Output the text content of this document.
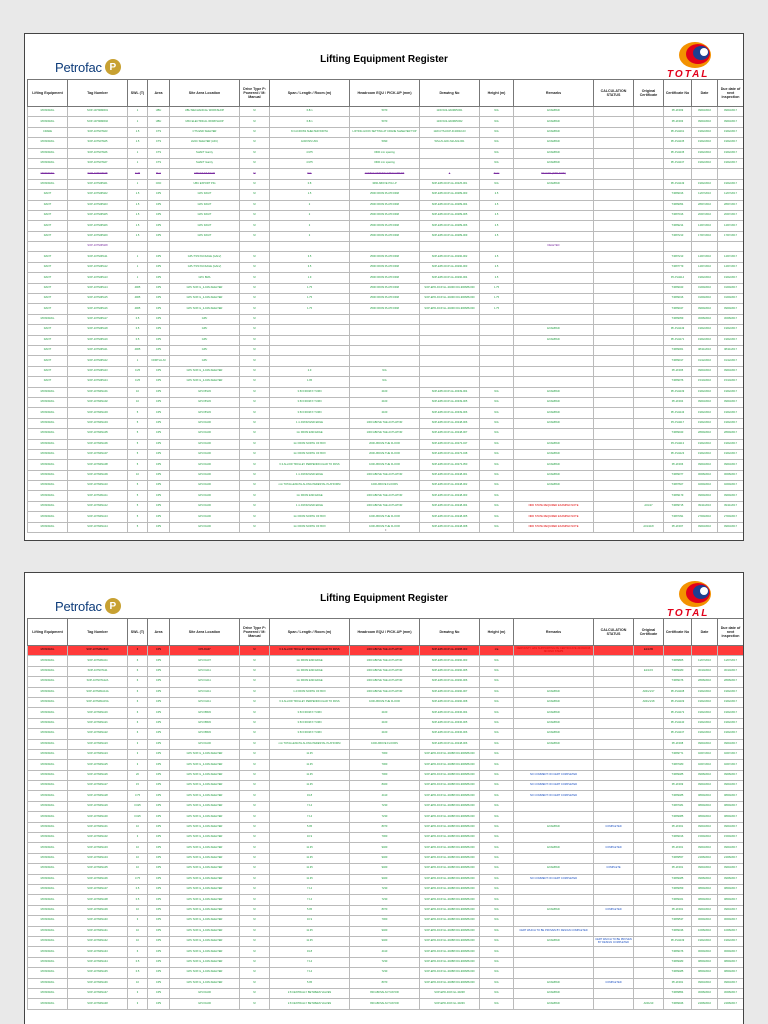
Petrofac P
Lifting Equipment Register
TOTAL
Lifting Equipment	Tag Number	SWL (T)	Area	Site Area Location	Drive Type P: Powered / M: Manual	Span / Length / Room (m)	Headroom EQU / PICK-UP (mm)	Drawing No	Height (m)	Remarks	CALCULATION STATUS	Original Certificate	Certificate No	Date	Due date of next inspection
MONORAIL	SOP-107N0MR01	1	UBU	UBU MECHANICAL WORKSHOP	M	6.8m	5070	11W-5U2-3A0RRV001	N/A	EXAMPAD			PF-2F309	09/03/2016	09/03/2017
MONORAIL	SOP-107N0MR02	1	UBU	UBU ELECTRICAL WORKSHOP	M	6.8m	5070	11W-5U2-3A0RRV002	N/A	EXAMPAD			PF-2F303	09/03/2016	09/03/2017
CRANE	SOP-107N0TA03	1.5	CTS	CTS END SHELTER	M	8.3 ACROSS SHELTER WIDTH	LIFTING HOOK SETTING AT CRANE SHAELTER TOP	11W-CTS-DCP-R-30032-03	N/A	EXAMPAD			PF-PH1161	19/02/2016	19/02/2017
MONORAIL	SOP-107N0TA05	1.5	CTS	HVAC SHELTER (AFC)	M	ACROSS UNU	5090	WS-HV-ADC-M2-A02-001	N/A	EXAMPAD			PF-PH1135	19/02/2016	19/02/2017
MONORAIL	SOP-107N0TA06	1	CTS	SHAFT Gantry	M	4.975	0600 mm spacing		N/A	EXAMPAD			PF-PH1135	19/02/2016	19/02/2017
MONORAIL	SOP-107N0TA07	1	CTS	SHAFT Gantry	M	4.975	0600 mm spacing		N/A	EXAMPAD			PF-PH1137	19/02/2016	19/02/2017
MONORAIL	SOP-107N0TA08	0.25	Maz	HMGSE MHVAC5	M	N/A	CONFIGURATION ATTACHMENT	1	Exist	DELETE (DRY NON)					
MONORAIL	SOP-107N0PA01	1	CKD	UBU EXPORT PIG	M	0.8	3060 ABOVE PIG LP	SOP-EPD-DCP-GL-30225-001	N/A	EXAMPAD			PF-PH1149	19/02/2016	19/02/2017
DAVIT	SOP-107N0PA02	1.5	CPS	GPU DAVIT	M	1.5	2500 FROM PLATFORM	SOP-EPD-DCP-GL-30289-003	2.5				T4689016	11/07/2016	11/07/2017
DAVIT	SOP-107N0PA03	1.5	CPS	GPU DAVIT	M	2	2500 FROM PLATFORM	SOP-EPD-DCP-GL-30289-004	2.5				T4689054	28/07/2016	28/07/2017
DAVIT	SOP-107N0PA05	1.5	CPS	GPU DAVIT	M	2	2500 FROM PLATFORM	SOP-EPD-DCP-GL-30289-005	2.5				T4687016	20/07/2016	20/07/2017
DAVIT	SOP-107N0PA06	1.5	CPS	GPU DAVIT	M	2	2500 FROM PLATFORM	SOP-EPD-DCP-GL-30289-006	2.5				T4689214	14/07/2016	14/07/2017
DAVIT	SOP-107N0PA09	1.5	CPS	GPU DAVIT	M	2	2500 FROM PLATFORM	SOP-EPD-DCP-GL-30289-009	2.5				T4687213	17/07/2016	17/07/2017
	SOP-107N0PA08									DELETED					
DAVIT	SOP-107N0PA11	1	CPS	GPU TR3 PACKAGE (GALV)	M	3.5	2500 FROM PLATFORM	SOP-EPD-DCP-GL-30290-002	2.5				T4687213	14/07/2016	14/07/2017
DAVIT	SOP-107N0PA12	1	CPS	GPU TR3 PACKAGE (GALV)	M	3.5	2500 FROM PLATFORM	SOP-EPD-DCP-GL-30290-003	2.5				T4687779	14/07/2016	14/07/2017
DAVIT	SOP-107N0PA13	1	CPS	GPU BMA	M	1.9	2500 FROM PLATFORM	SOP-EPD-DCP-GL-30290-004	2.5				PF-PH1114	19/02/2016	19/02/2017
DAVIT	SOP-107N0PA14	4965	CPS	GPU SOP-G_2-04N-SHELTER	M	1.75	2500 FROM PLATFORM	SOP-EPD-DCP-GL-30290 001-900688-000	1.75				T4689043	01/09/2016	01/09/2017
DAVIT	SOP-107N0PA15	4965	CPS	GPU SOP-G_2-04N-SHELTER	M	1.75	2500 FROM PLATFORM	SOP-EPD-DCP-GL-30290 001-900688-000	1.75				T4689016	01/09/2016	01/09/2017
DAVIT	SOP-107N0PA16	4965	CPS	GPU SOP-G_2-04N-SHELTER	M	1.75	2500 FROM PLATFORM	SOP-EPD-DCP-GL-30290 001-900688-000	1.75				T4689047	09/09/2016	09/09/2017
MONORAIL	SOP-107N0PA17	0.5	CPS	GPU	M								T4689059	30/08/2016	30/08/2017
DAVIT	SOP-107N0PA18	0.5	CPS	GPU	M					EXAMPAD			PF-PH1149	19/02/2016	19/02/2017
DAVIT	SOP-107N0PA19	0.5	CPS	GPU	M					EXAMPAD			PF-PH1171	19/02/2016	19/02/2017
DAVIT	SOP-107N0PA21	4965	CPS	GPU	M								T4689061	08/11/2016	08/11/2017
DAVIT	SOP-107N0PA22	1	NORTH-LNI	GPU	M								T4689017	01/12/2016	01/12/2017
DAVIT	SOP-107N0PA23	0.25	CPS	GPU SOP-G_2-04N-SHELTER	M	2.9	N/A						PF-2F305	09/03/2016	09/03/2017
DAVIT	SOP-107N0PA24	0.25	CPS	GPU SOP-G_2-04N-SHELTER	M	1.95	N/A						T4689076	15/10/2016	15/10/2017
MONORAIL	SOP-107N0NA01	10	CPS	GPU BS33	M	3.53 FROM P-TURN	2100	SOP-EPD-DCP-GL-30339-004	N/A	EXAMPAD			PF-PH1139	19/02/2016	19/02/2017
MONORAIL	SOP-107N0NA02	10	CPS	GPU BS33	M	3.53 FROM P-TURN	2100	SOP-EPD-DCP-GL-30339-005	N/A	EXAMPAD			PF-2F304	09/03/2016	09/03/2017
MONORAIL	SOP-107N0NA03	5	CPS	GPU BS33	M	3.53 FROM P-TURN	2100	SOP-EPD-DCP-GL-30339-006	N/A	EXAMPAD			PF-PH1143	19/02/2016	19/02/2017
MONORAIL	SOP-107N0NA04	5	CPS	GPU DA00	M	1 m FROM END EDGE	1000 ABOVE THE ACTUATOR	SOP-EPD-DCP-GL-30248-006	N/A	EXAMPAD			PF-PH1117	19/02/2016	19/02/2017
MONORAIL	SOP-107N0NA05	5	CPS	GPU DA00	M	1m FROM END EDGE	1000 ABOVE THE ACTUATOR	SOP-EPD-DCP-GL-30248-007	N/A				T4689043	28/09/2016	28/09/2017
MONORAIL	SOP-107N0NA06	5	CPS	GPU DA00	M	1m FROM NORTH OF BOX	2000 ABOVE THE FLOOR	SOP-EPD-DCP-GL-30273-047	N/A	EXAMPAD			PF-PH1113	19/02/2016	19/02/2017
MONORAIL	SOP-107N0NA07	5	CPS	GPU DA00	M	1m FROM NORTH OF BOX	2000 ABOVE THE FLOOR	SOP-EPD-DCP-GL-30273-048	N/A	EXAMPAD			PF-PH1123	19/02/2016	19/02/2017
MONORAIL	SOP-107N0NA08	5	CPS	GPU DA00	M	6.3 ALLOW TROLLEY PERPENDICULAR TO PASS	1000 ABOVE THE FLOOR	SOP-EPD-DCP-GL-30273-050	N/A	EXAMPAD			PF-2F306	09/03/2016	09/03/2017
MONORAIL	SOP-107N0NA09	10	CPS	GPU DA00	M	1 m FROM END EDGE	1000 ABOVE THE ACTUATOR	SOP-EPD-DCP-GL-30248-001	N/A	EXAMPAD			T4689077	06/08/2016	06/08/2017
MONORAIL	SOP-107N0NA10	5	CPS	GPU DA00	M	min TOTALLENGTH ALONG PEDESTAL PLATFORM	1000 ABOVE FLOORS	SOP-EPD-DCP-GL-30248-002	N/A	EXAMPAD			T4687607	02/09/2016	02/09/2017
MONORAIL	SOP-107N0NA11	5	CPS	GPU DA00	M	1m FROM END EDGE	1000 ABOVE THE ACTUATOR	SOP-EPD-DCP-GL-30248-003	N/A				T4689179	09/09/2016	09/09/2017
MONORAIL	SOP-107N0NA12	5	CPS	GPU DA00	M	1 m FROM END EDGE	1000 ABOVE THE ACTUATOR	SOP-EPD-DCP-GL-30248-004	N/A	NDD STATE REQUIRED EXAMPAD NOTE		A01/17	T4689715	09/11/2016	09/11/2017
MONORAIL	SOP-107N0NA13	5	CPS	GPU DA00	M	1m FROM NORTH OF BOX	1000 ABOVE THE FLOOR	SOP-EPD-DCP-GL-30248-005	N/A	NDD STATE REQUIRED EXAMPAD NOTE			T4687391	27/09/2016	27/09/2017
MONORAIL	SOP-107N0NA14	5	CPS	GPU DA00	M	1m FROM NORTH OF BOX	1000 ABOVE THE FLOOR	SOP-EPD-DCP-GL-30248-008	N/A	NDD STATE REQUIRED EXAMPAD NOTE		A01/11/8	PF-2F307	09/03/2016	09/03/2017
•
Petrofac P
Lifting Equipment Register
TOTAL
Lifting Equipment	Tag Number	SWL (T)	Area	Site Area Location	Drive Type P: Powered / M: Manual	Span / Length / Room (m)	Headroom EQU / PICK-UP (mm)	Drawing No	Height (m)	Remarks	CALCULATION STATUS	Original Certificate	Certificate No	Date	Due date of next inspection
MONORAIL	SOP-107N0NA81C	6	CPS	CPA DA07	M	6.3 ALLOW TROLLEY PERPENDICULAR TO PASS	1000 ABOVE THE ACTUATOR	SOP-EPD-DCP-GL-30288-003	n/a	CERTAINTY HAS SUPPORTING PE CERTIFICATE 20/03/2016 NO DNO STEPS		E1/1/65			
MONORAIL	SOP-107N0NA11	6	CPS	GPU DA07	M	1m FROM END EDGE	1000 ABOVE THE ACTUATOR	SOP-EPD-DCP-GL-30290-003	N/A				T4689865	11/07/2016	11/07/2017
MONORAIL	SOP-107N0TA11	6	CPS	GPU DA11	M	1m FROM END EDGE	1000 ABOVE THE ACTUATOR	SOP-EPD-DCP-GL-30290-005	N/A			E1/1/15	T4689480	30/10/2016	30/10/2017
MONORAIL	SOP-107N0TA12A	6	CPS	GPU DA11	M	1m FROM END EDGE	1000 ABOVE THE ACTUATOR	SOP-EPD-DCP-GL-30290-006	N/A				T4689476	28/08/2016	28/08/2017
MONORAIL	SOP-107N0NA14A	6	CPS	GPU DA11	M	1.4 FROM NORTH OF BOX	1000 ABOVE THE ACTUATOR	SOP-EPD-DCP-GL-30290-007	N/A	EXAMPAD		A001/1/17	PF-PH1108	19/02/2016	19/02/2017
MONORAIL	SOP-107N0NA15A	6	CPS	GPU DA11	M	6.3 ALLOW TROLLEY PERPENDICULAR TO PASS	1000 ABOVE THE FLOOR	SOP-EPD-DCP-GL-30290-008	N/A	EXAMPAD		A001/1/18	PF-PH1109	19/02/2016	19/02/2017
MONORAIL	SOP-107N0NA16	6	CPS	GPU BB33	M	3.53 FROM P-TURN	2100	SOP-EPD-DCP-GL-30336-004	N/A	EXAMPAD			PF-PH1172	19/02/2016	19/02/2017
MONORAIL	SOP-107N0NA21	6	CPS	GPU BB33	M	3.53 FROM P-TURN	2100	SOP-EPD-DCP-GL-30336-005	N/A	EXAMPAD			PF-PH1140	19/02/2016	19/02/2017
MONORAIL	SOP-107N0NA22	6	CPS	GPU BB33	M	3.53 FROM P-TURN	2100	SOP-EPD-DCP-GL-30336-006	N/A	EXAMPAD			PF-PH1137	19/02/2016	19/02/2017
MONORAIL	SOP-107N0NA23	3	CPS	GPU DA00	M	min TOTALLENGTH ALONG PEDESTAL PLATFORM	1000 ABOVE FLOORS	SOP-EPD-DCP-GL-30248-006	N/A	EXAMPAD			PF-2F308	09/03/2016	09/03/2017
MONORAIL	SOP-107N0NA24	3	CPS	GPU SOP-G_2-04N-SHELTER	M	11.35	7060	SOP-EPD-DCP-GL-30288 001-900688-000	N/A				T4689771	02/07/2016	02/07/2017
MONORAIL	SOP-107N0NA25	3	CPS	GPU SOP-G_2-04N-SHELTER	M	11.35	7060	SOP-EPD-DCP-GL-30288 001-900688-000	N/A				T4687480	02/07/2016	02/07/2017
MONORAIL	SOP-107N0NA26	20	CPS	GPU SOP-G_2-04N-SHELTER	M	11.35	7060	SOP-EPD-DCP-GL-30288 001-900688-000	N/A	NO COMMENT ON CERT COMPLETED			T4689485	09/08/2016	09/08/2017
MONORAIL	SOP-107N0NA27	15	CPS	GPU SOP-G_2-04N-SHELTER	M	11.35	8460	SOP-EPD-DCP-GL-30288 001-900688-000	N/A	NO COMMENT ON CERT COMPLETED			PF-2F309	09/03/2016	09/03/2017
MONORAIL	SOP-107N0NA28	3.75	CPS	GPU SOP-G_2-04N-SHELTER	M	19.8	4410	SOP-EPD-DCP-GL-30288 001-900688-000	N/A	NO COMMENT ON CERT COMPLETED			T4689485	08/09/2016	08/09/2017
MONORAIL	SOP-107N0NA29	0.625	CPS	GPU SOP-G_2-04N-SHELTER	M	7.14	7230	SOP-EPD-DCP-GL-30288 001-900688-000	N/A				T4687481	08/09/2016	08/09/2017
MONORAIL	SOP-107N0NA30	0.625	CPS	GPU SOP-G_2-04N-SHELTER	M	7.14	7230	SOP-EPD-DCP-GL-30288 001-900688-000	N/A				T4689085	08/09/2016	08/09/2017
MONORAIL	SOP-107N0NA31	10	CPS	GPU SOP-G_2-04N-SHELTER	M	5.95	8070	SOP-EPD-DCP-GL-30288 001-900688-000	N/A	EXAMPAD	COMPLETED		PF-2F301	09/03/2016	09/03/2017
MONORAIL	SOP-107N0NA32	3	CPS	GPU SOP-G_2-04N-SHELTER	M	16.9	7060	SOP-EPD-DCP-GL-30288 001-900688-000	N/A				T4689016	15/09/2016	15/09/2017
MONORAIL	SOP-107N0NA33	10	CPS	GPU SOP-G_2-04N-SHELTER	M	11.35	9460	SOP-EPD-DCP-GL-30288 001-900688-000	N/A	EXAMPAD	COMPLETED		PF-2F301	09/03/2016	09/03/2017
MONORAIL	SOP-107N0NA34	10	CPS	GPU SOP-G_2-04N-SHELTER	M	11.35	9460	SOP-EPD-DCP-GL-30288 001-900688-000	N/A				T4689557	24/08/2016	24/08/2017
MONORAIL	SOP-107N0NA35	10	CPS	GPU SOP-G_2-04N-SHELTER	M	11.35	9460	SOP-EPD-DCP-GL-30288 001-900688-000	N/A	EXAMPAD	COMPLETE		PF-2F301	09/03/2016	09/03/2017
MONORAIL	SOP-107N0NA36	3.75	CPS	GPU SOP-G_2-04N-SHELTER	M	11.35	9460	SOP-EPD-DCP-GL-30288 001-900688-000	N/A	NO COMMENT ON CERT COMPLETED			T4689485	09/08/2016	09/08/2017
MONORAIL	SOP-107N0NA37	0.5	CPS	GPU SOP-G_2-04N-SHELTER	M	7.14	7230	SOP-EPD-DCP-GL-30288 001-900688-000	N/A				T4689059	08/09/2016	08/09/2017
MONORAIL	SOP-107N0NA38	0.5	CPS	GPU SOP-G_2-04N-SHELTER	M	7.14	7230	SOP-EPD-DCP-GL-30288 001-900688-000	N/A				T4689461	08/09/2016	08/09/2017
MONORAIL	SOP-107N0NA39	10	CPS	GPU SOP-G_2-04N-SHELTER	M	5.95	8070	SOP-EPD-DCP-GL-30288 001-900688-000	N/A	EXAMPAD	COMPLETED		PF-2F301	09/03/2016	09/03/2017
MONORAIL	SOP-107N0NA40	3	CPS	GPU SOP-G_2-04N-SHELTER	M	16.9	7060	SOP-EPD-DCP-GL-30288 001-900688-000	N/A				T4689537	06/09/2016	06/09/2017
MONORAIL	SOP-107N0NA41	10	CPS	GPU SOP-G_2-04N-SHELTER	M	11.35	9460	SOP-EPD-DCP-GL-30288 001-900688-000	N/A	CERT WHICH TO BE PROVEN BY DESIGN COMPLETED			T4689436	10/08/2016	10/08/2017
MONORAIL	SOP-107N0NA42	10	CPS	GPU SOP-G_2-04N-SHELTER	M	11.35	9460	SOP-EPD-DCP-GL-30288 001-900688-000	N/A	EXAMPAD	CERT WHICH TO BE PROVEN BY DESIGN COMPLETED		PF-PH1139	19/02/2016	19/02/2017
MONORAIL	SOP-107N0NA43	6	CPS	GPU SOP-G_2-04N-SHELTER	M	19.8	4410	SOP-EPD-DCP-GL-30288 001-900688-000	N/A				T4689476	06/09/2016	06/09/2017
MONORAIL	SOP-107N0NA44	0.5	CPS	GPU SOP-G_2-04N-SHELTER	M	7.14	7230	SOP-EPD-DCP-GL-30288 001-900688-000	N/A				T4689483	08/09/2016	08/09/2017
MONORAIL	SOP-107N0NA45	0.5	CPS	GPU SOP-G_2-04N-SHELTER	M	7.14	7230	SOP-EPD-DCP-GL-30288 001-900688-000	N/A				T4689485	08/09/2016	08/09/2017
MONORAIL	SOP-107N0NA46	10	CPS	GPU SOP-G_2-04N-SHELTER	M	5.95	8070	SOP-EPD-DCP-GL-30288 001-900688-000	N/A	EXAMPAD	COMPLETED		PF-2F301	09/03/2016	09/03/2017
MONORAIL	SOP-107N0NA47	3	CPS	GPU DA00	M	2.8 CENTRALLY BETWEEN VALVES	800 ABOVE ACTUATOR	SOP-EPD-DCP-GL-30238	N/A	EXAMPAD			T4689854	30/08/2016	30/08/2017
MONORAIL	SOP-107N0NA48	3	CPS	GPU DA00	M	2.8 CENTRALLY BETWEEN VALVES	800 ABOVE ACTUATOR	SOP-EPD-DCP-GL-30239	N/A	EXAMPAD		A001/10	T4689946	24/08/2016	24/08/2017
